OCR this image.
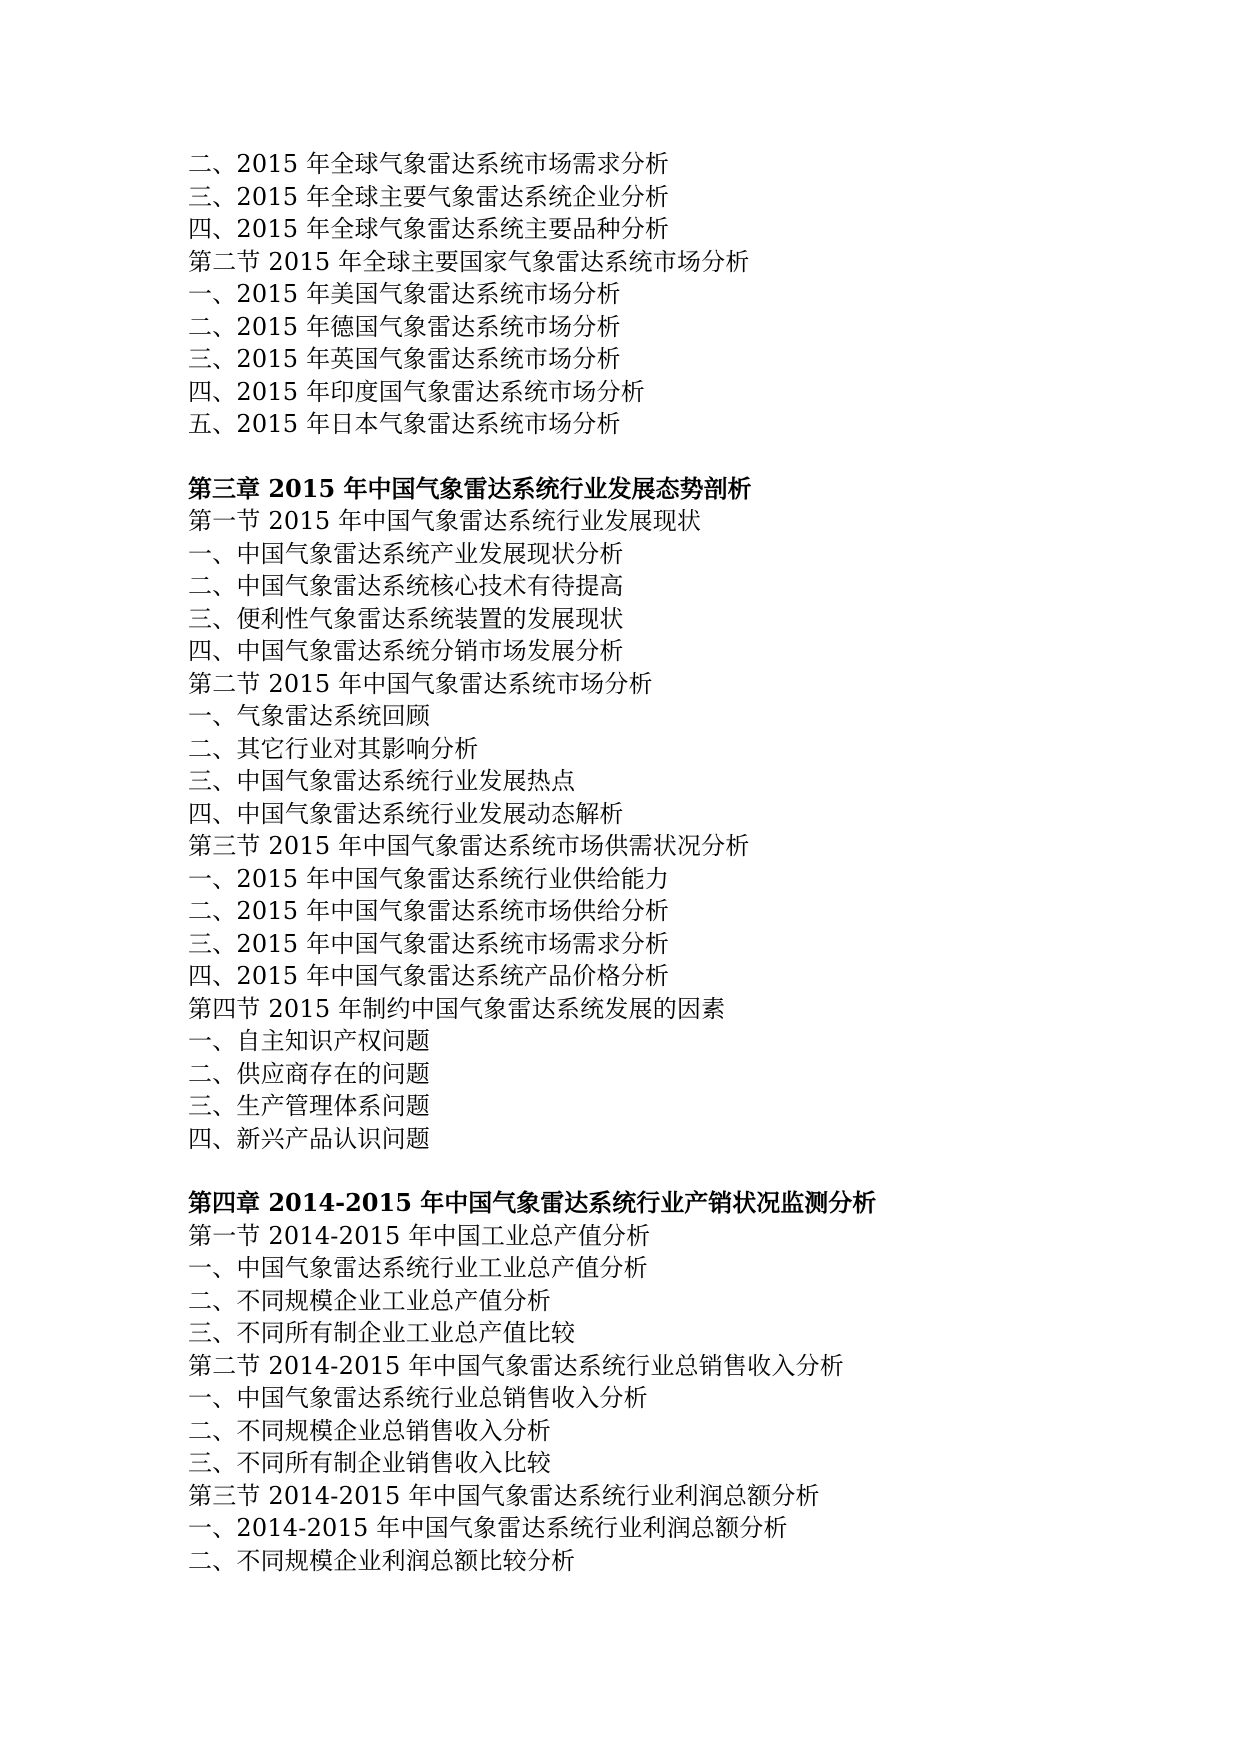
二、2015 年全球气象雷达系统市场需求分析
三、2015 年全球主要气象雷达系统企业分析
四、2015 年全球气象雷达系统主要品种分析
第二节 2015 年全球主要国家气象雷达系统市场分析
一、2015 年美国气象雷达系统市场分析
二、2015 年德国气象雷达系统市场分析
三、2015 年英国气象雷达系统市场分析
四、2015 年印度国气象雷达系统市场分析
五、2015 年日本气象雷达系统市场分析
第三章 2015 年中国气象雷达系统行业发展态势剖析
第一节 2015 年中国气象雷达系统行业发展现状
一、中国气象雷达系统产业发展现状分析
二、中国气象雷达系统核心技术有待提高
三、便利性气象雷达系统装置的发展现状
四、中国气象雷达系统分销市场发展分析
第二节 2015 年中国气象雷达系统市场分析
一、气象雷达系统回顾
二、其它行业对其影响分析
三、中国气象雷达系统行业发展热点
四、中国气象雷达系统行业发展动态解析
第三节 2015 年中国气象雷达系统市场供需状况分析
一、2015 年中国气象雷达系统行业供给能力
二、2015 年中国气象雷达系统市场供给分析
三、2015 年中国气象雷达系统市场需求分析
四、2015 年中国气象雷达系统产品价格分析
第四节 2015 年制约中国气象雷达系统发展的因素
一、自主知识产权问题
二、供应商存在的问题
三、生产管理体系问题
四、新兴产品认识问题
第四章 2014-2015 年中国气象雷达系统行业产销状况监测分析
第一节 2014-2015 年中国工业总产值分析
一、中国气象雷达系统行业工业总产值分析
二、不同规模企业工业总产值分析
三、不同所有制企业工业总产值比较
第二节 2014-2015 年中国气象雷达系统行业总销售收入分析
一、中国气象雷达系统行业总销售收入分析
二、不同规模企业总销售收入分析
三、不同所有制企业销售收入比较
第三节 2014-2015 年中国气象雷达系统行业利润总额分析
一、2014-2015 年中国气象雷达系统行业利润总额分析
二、不同规模企业利润总额比较分析
